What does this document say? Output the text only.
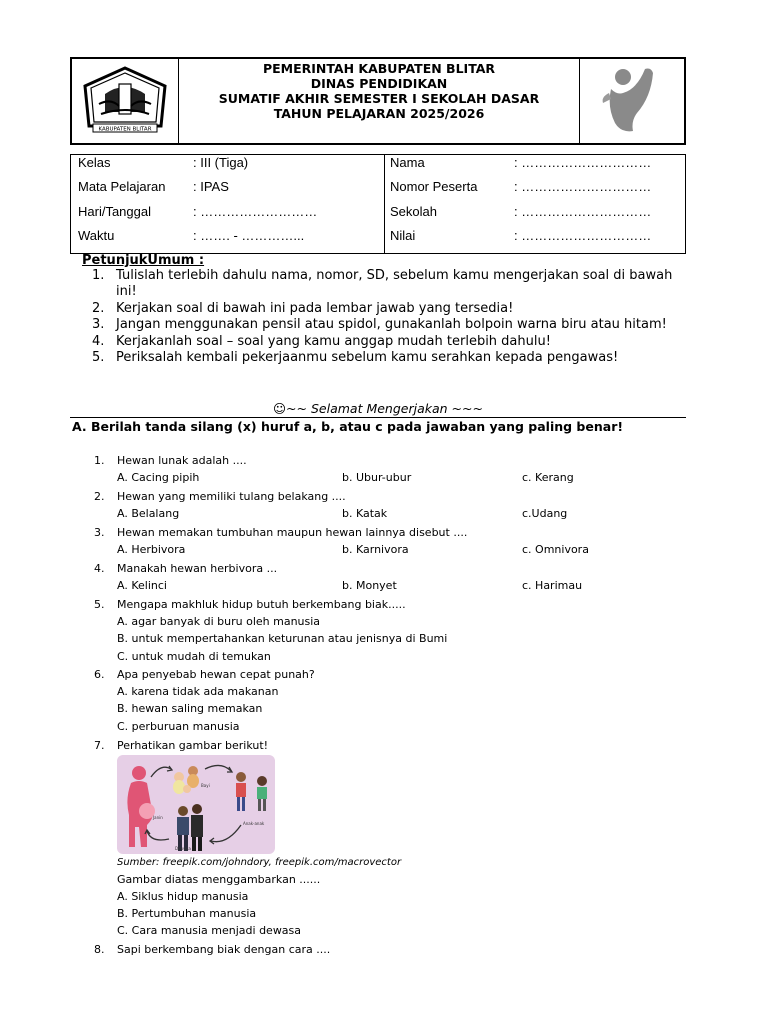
KABUPATEN BLITAR
PEMERINTAH KABUPATEN BLITAR
DINAS PENDIDIKAN
SUMATIF AKHIR SEMESTER I SEKOLAH DASAR
TAHUN PELAJARAN 2025/2026
Kelas	: III (Tiga)
Mata Pelajaran : IPAS
Hari/Tanggal	: ………………………
Waktu	: ……. - …………...
Nama	: …………………………
Nomor Peserta	: …………………………
Sekolah	: …………………………
Nilai	: …………………………
PetunjukUmum :
1. Tulislah terlebih dahulu nama, nomor, SD, sebelum kamu mengerjakan soal di bawah ini!
2. Kerjakan soal di bawah ini pada lembar jawab yang tersedia!
3. Jangan menggunakan pensil atau spidol, gunakanlah bolpoin warna biru atau hitam!
4. Kerjakanlah soal – soal yang kamu anggap mudah terlebih dahulu!
5. Periksalah kembali pekerjaanmu sebelum kamu serahkan kepada pengawas!
☺~~ Selamat Mengerjakan ~~~
A. Berilah tanda silang (x) huruf a, b, atau c pada jawaban yang paling benar!
1. Hewan lunak adalah ....
A. Cacing pipih	b. Ubur-ubur	c. Kerang
2. Hewan yang memiliki tulang belakang ....
A. Belalang	b. Katak	c.Udang
3. Hewan memakan tumbuhan maupun hewan lainnya disebut ....
A. Herbivora	b. Karnivora	c. Omnivora
4. Manakah hewan herbivora ...
A. Kelinci	b. Monyet	c. Harimau
5. Mengapa makhluk hidup butuh berkembang biak.....
A. agar banyak di buru oleh manusia
B. untuk mempertahankan keturunan atau jenisnya di Bumi
C. untuk mudah di temukan
6. Apa penyebab hewan cepat punah?
A. karena tidak ada makanan
B. hewan saling memakan
C. perburuan manusia
7. Perhatikan gambar berikut!
Janin
Bayi
Anak-anak
Dewasa
Sumber: freepik.com/johndory, freepik.com/macrovector
Gambar diatas menggambarkan ......
A. Siklus hidup manusia
B. Pertumbuhan manusia
C. Cara manusia menjadi dewasa
8. Sapi berkembang biak dengan cara ....
